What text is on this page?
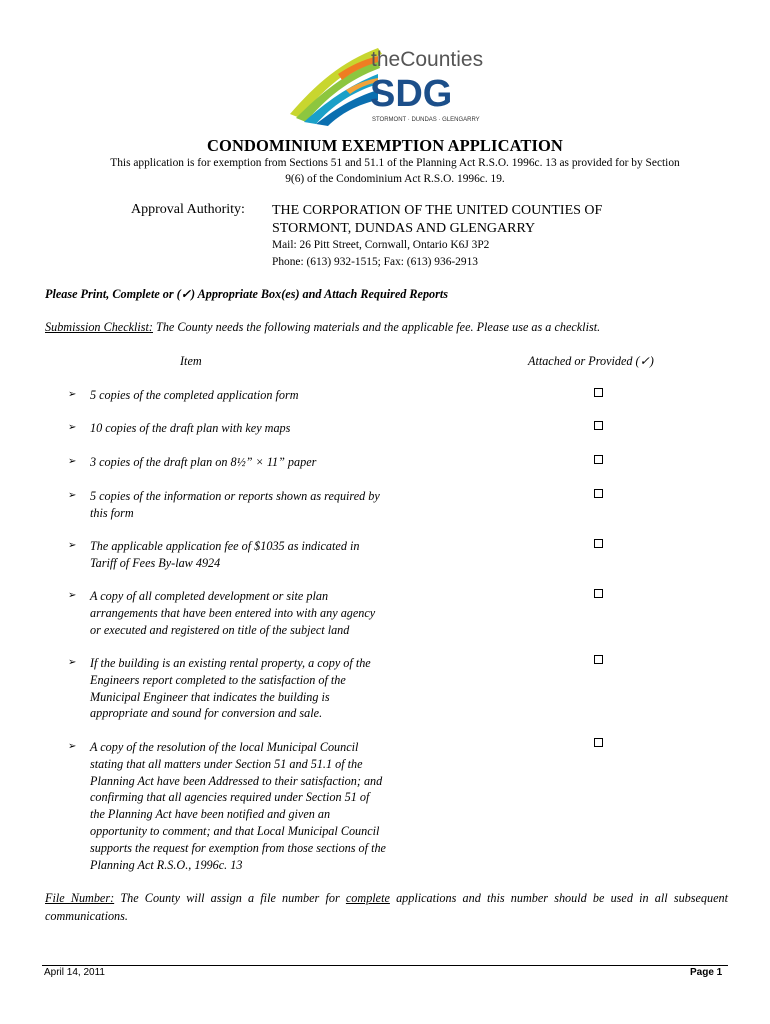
theCounties
SDG
STORMONT · DUNDAS · GLENGARRY
CONDOMINIUM EXEMPTION APPLICATION
This application is for exemption from Sections 51 and 51.1 of the Planning Act R.S.O. 1996c. 13 as provided for by Section
9(6) of the Condominium Act R.S.O. 1996c. 19.
Approval Authority: THE CORPORATION OF THE UNITED COUNTIES OF
STORMONT, DUNDAS AND GLENGARRY
Mail: 26 Pitt Street, Cornwall, Ontario K6J 3P2
Phone: (613) 932-1515; Fax: (613) 936-2913
Please Print, Complete or (✓) Appropriate Box(es) and Attach Required Reports
Submission Checklist: The County needs the following materials and the applicable fee. Please use as a checklist.
Item	Attached or Provided (✓)
➢ 5 copies of the completed application form
➢ 10 copies of the draft plan with key maps
➢ 3 copies of the draft plan on 8½” × 11” paper
➢ 5 copies of the information or reports shown as required by
this form
➢ The applicable application fee of $1035 as indicated in
Tariff of Fees By-law 4924
➢ A copy of all completed development or site plan
arrangements that have been entered into with any agency
or executed and registered on title of the subject land
➢ If the building is an existing rental property, a copy of the
Engineers report completed to the satisfaction of the
Municipal Engineer that indicates the building is
appropriate and sound for conversion and sale.
➢ A copy of the resolution of the local Municipal Council
stating that all matters under Section 51 and 51.1 of the
Planning Act have been Addressed to their satisfaction; and
confirming that all agencies required under Section 51 of
the Planning Act have been notified and given an
opportunity to comment; and that Local Municipal Council
supports the request for exemption from those sections of the
Planning Act R.S.O., 1996c. 13
File Number: The County will assign a file number for complete applications and this number should be used in all subsequent communications.
April 14, 2011	Page 1
